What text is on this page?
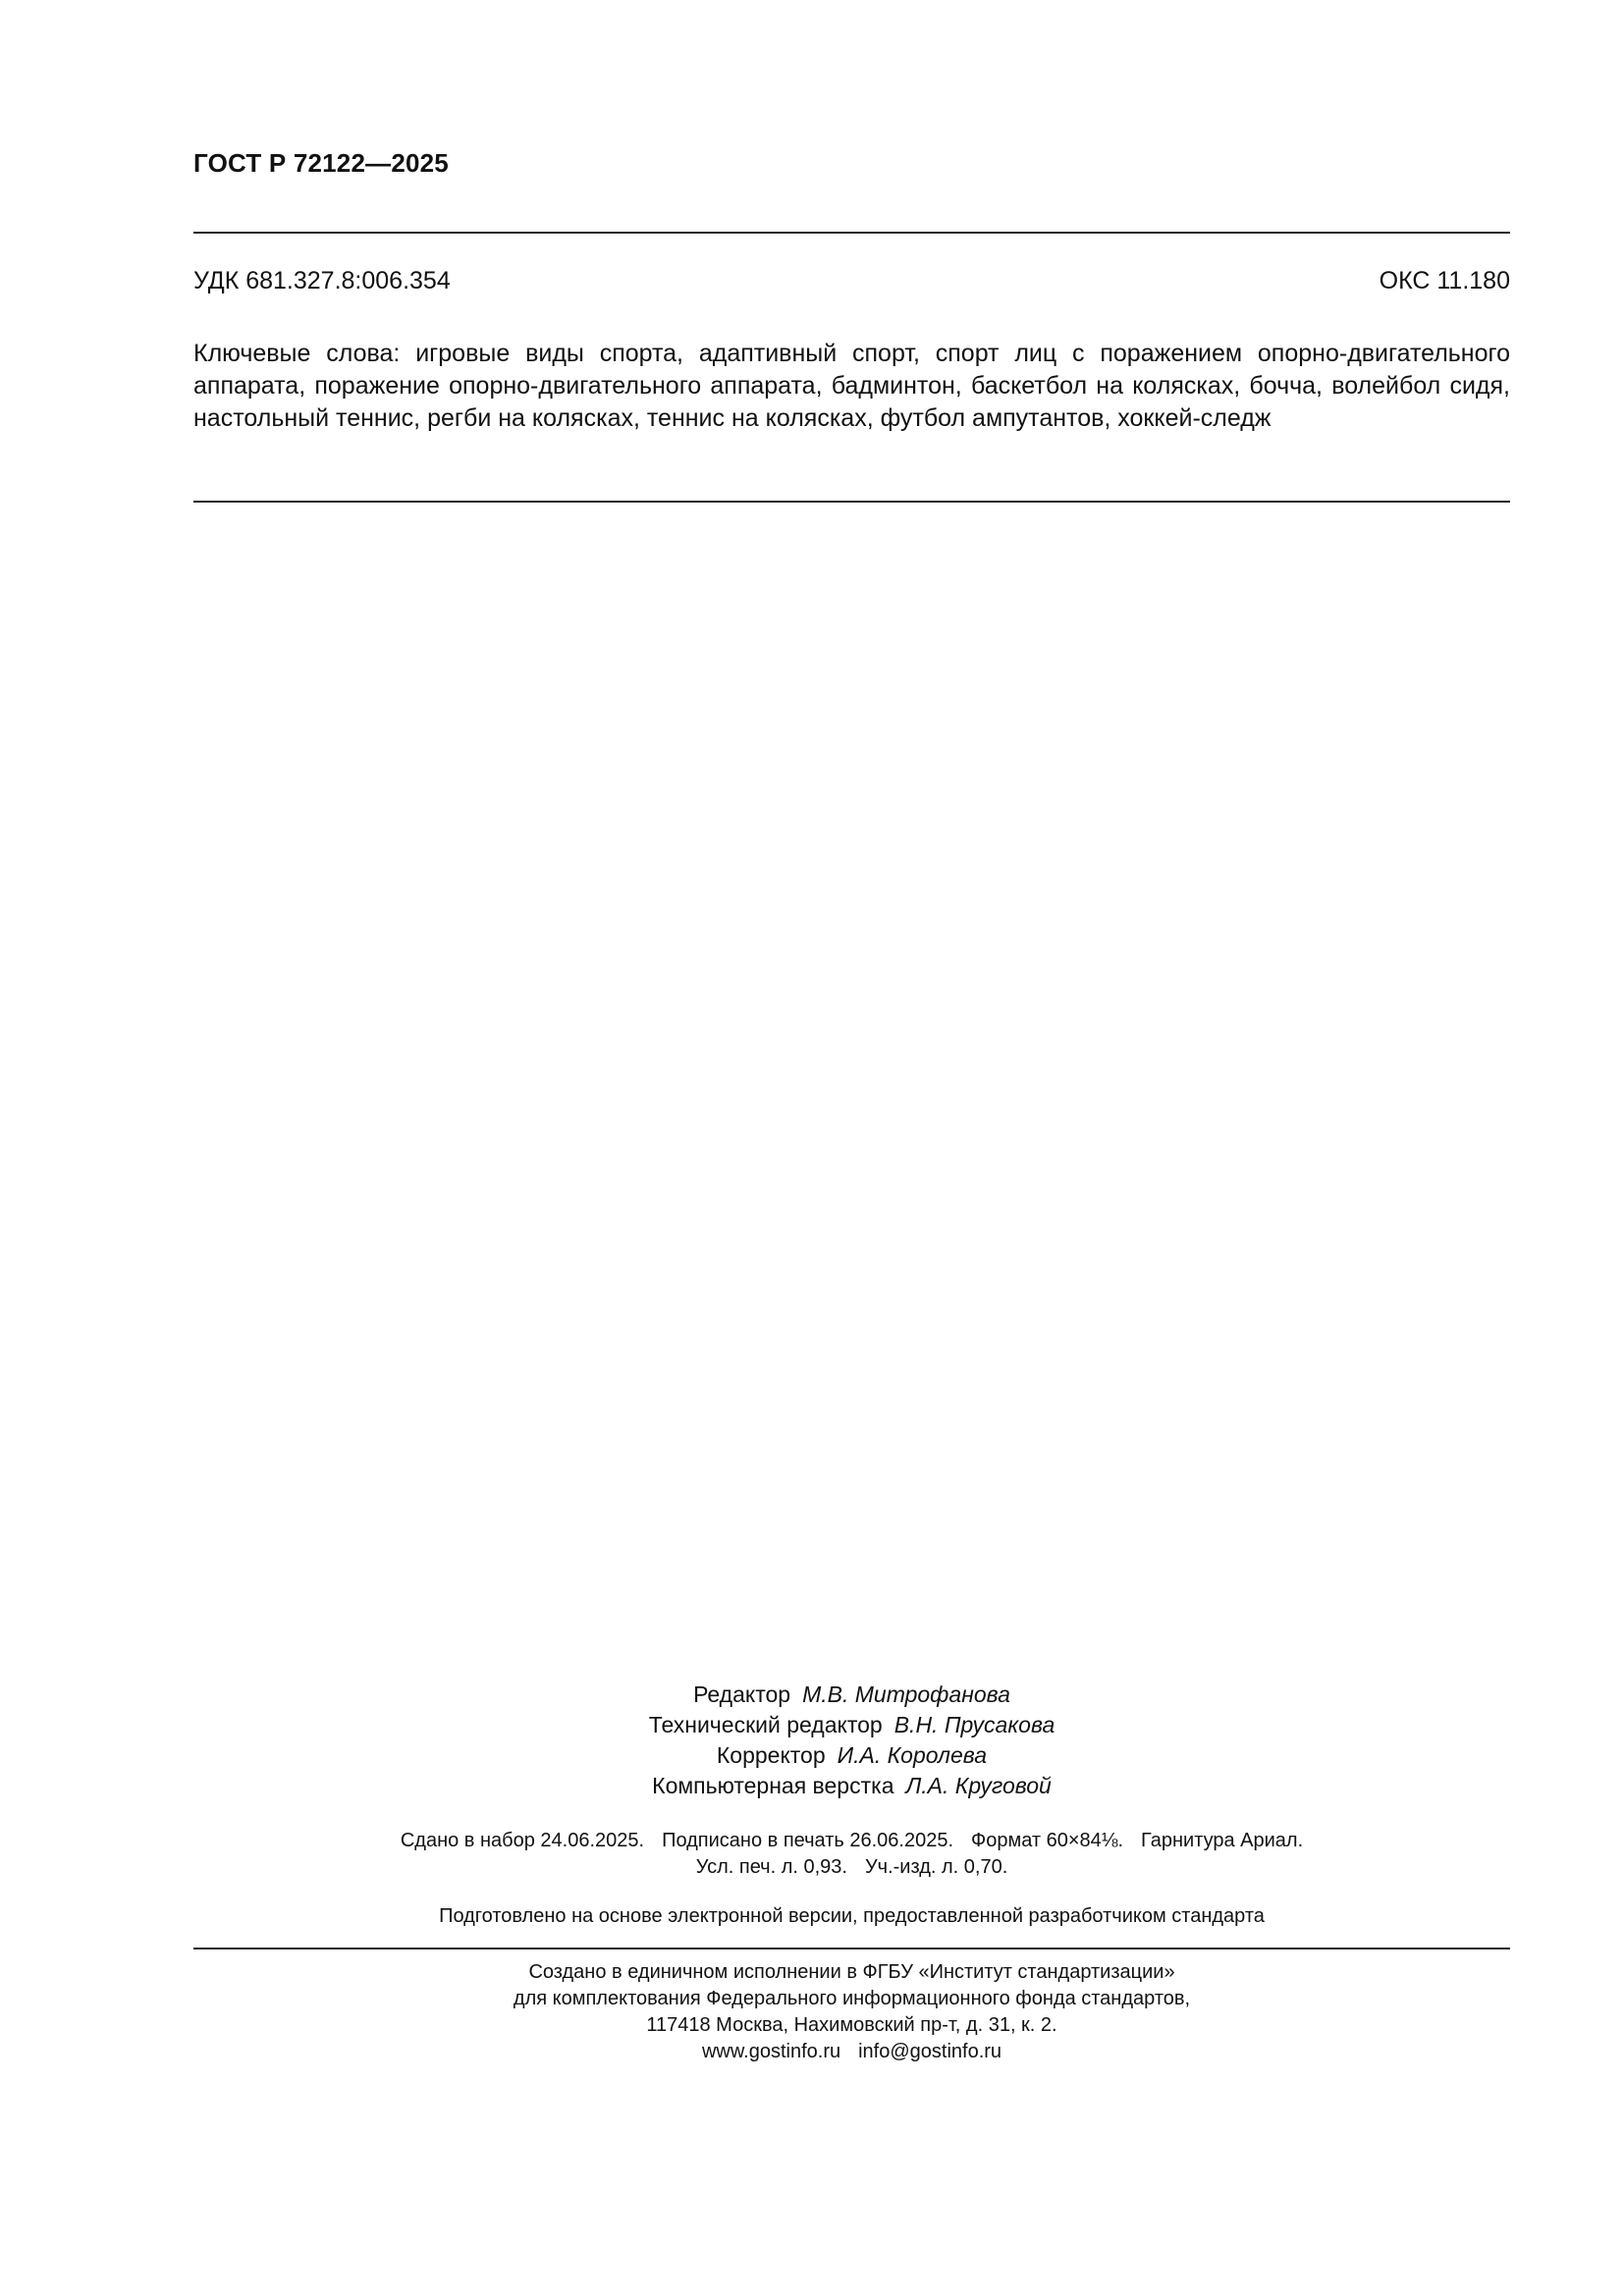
ГОСТ Р 72122—2025
УДК 681.327.8:006.354	ОКС 11.180
Ключевые слова: игровые виды спорта, адаптивный спорт, спорт лиц с поражением опорно-двигательного аппарата, поражение опорно-двигательного аппарата, бадминтон, баскетбол на колясках, бочча, волейбол сидя, настольный теннис, регби на колясках, теннис на колясках, футбол ампутантов, хоккей-следж
Редактор М.В. Митрофанова
Технический редактор В.Н. Прусакова
Корректор И.А. Королева
Компьютерная верстка Л.А. Круговой
Сдано в набор 24.06.2025. Подписано в печать 26.06.2025. Формат 60×84⅛. Гарнитура Ариал.
Усл. печ. л. 0,93. Уч.-изд. л. 0,70.
Подготовлено на основе электронной версии, предоставленной разработчиком стандарта
Создано в единичном исполнении в ФГБУ «Институт стандартизации»
для комплектования Федерального информационного фонда стандартов,
117418 Москва, Нахимовский пр-т, д. 31, к. 2.
www.gostinfo.ru info@gostinfo.ru
